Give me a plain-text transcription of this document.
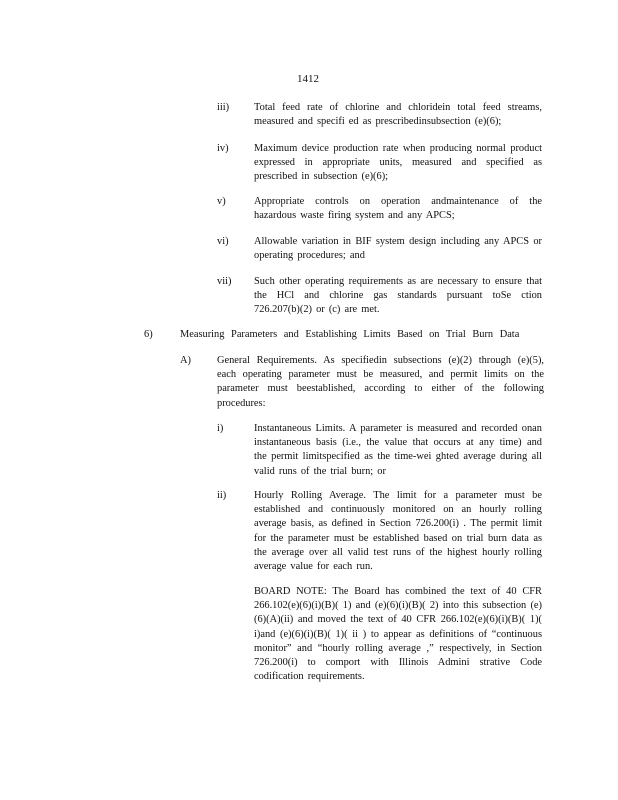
1412
iii) Total feed rate of chlorine and chloridein total feed streams, measured and specifi ed as prescribedinsubsection (e)(6);
iv) Maximum device production rate when producing normal product expressed in appropriate units, measured and specified as prescribed in subsection (e)(6);
v)	Appropriate controls on operation andmaintenance of the hazardous waste firing system and any APCS;
vi) Allowable variation in BIF system design including any APCS or operating procedures; and
vii) Such other operating requirements as are necessary to ensure that the HCl and chlorine gas standards pursuant toSe ction 726.207(b)(2) or (c) are met.
6)	Measuring Parameters and Establishing Limits Based on Trial Burn Data
A)	General Requirements. As specifiedin subsections (e)(2) through (e)(5), each operating parameter must be measured, and permit limits on the parameter must beestablished, according to either of the following procedures:
i)	Instantaneous Limits. A parameter is measured and recorded onan instantaneous basis (i.e., the value that occurs at any time) and the permit limitspecified as the time-wei ghted average during all valid runs of the trial burn; or
ii)	Hourly Rolling Average. The limit for a parameter must be established and continuously monitored on an hourly rolling average basis, as defined in Section 726.200(i) . The permit limit for the parameter must be established based on trial burn data as the average over all valid test runs of the highest hourly rolling average value for each run.
BOARD NOTE: The Board has combined the text of 40 CFR 266.102(e)(6)(i)(B)( 1) and (e)(6)(i)(B)( 2) into this subsection (e)(6)(A)(ii) and moved the text of 40 CFR 266.102(e)(6)(i)(B)( 1)( i)and (e)(6)(i)(B)( 1)( ii ) to appear as definitions of “continuous monitor” and “hourly rolling average ,” respectively, in Section 726.200(i) to comport with Illinois Admini strative Code codification requirements.
